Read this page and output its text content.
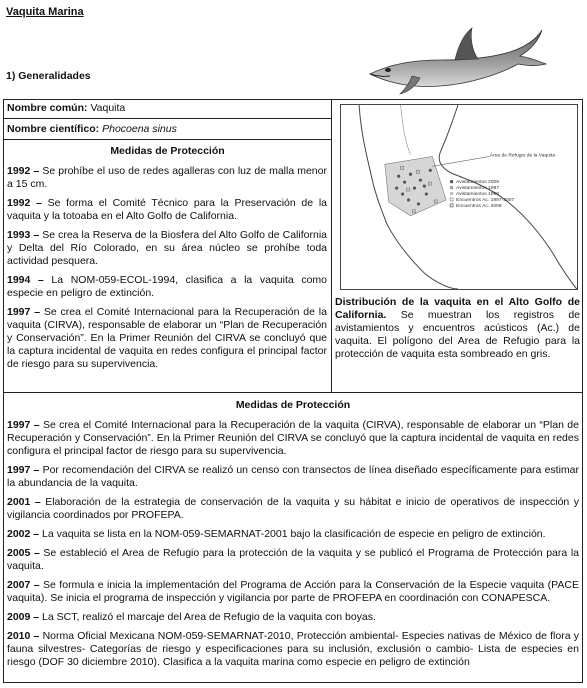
Vaquita Marina
1) Generalidades
Nombre común: Vaquita
Nombre científico: Phocoena sinus
Medidas de Protección

1992 – Se prohíbe el uso de redes agalleras con luz de malla menor a 15 cm.

1992 – Se forma el Comité Técnico para la Preservación de la vaquita y la totoaba en el Alto Golfo de California.

1993 – Se crea la Reserva de la Biosfera del Alto Golfo de California y Delta del Río Colorado, en su área núcleo se prohíbe toda actividad pesquera.

1994 – La NOM-059-ECOL-1994, clasifica a la vaquita como especie en peligro de extinción.

1997 – Se crea el Comité Internacional para la Recuperación de la vaquita (CIRVA), responsable de elaborar un “Plan de Recuperación y Conservación”. En la Primer Reunión del CIRVA se concluyó que la captura incidental de vaquita en redes configura el principal factor de riesgo para su supervivencia.

Área de Refugio de la Vaquita
Avistamientos 2008
Avistamientos 1997
Avistamientos 1999
Encuentros Ac. 1997-2007
Encuentros Ac. 2008
Distribución de la vaquita en el Alto Golfo de California. Se muestran los registros de avistamientos y encuentros acústicos (Ac.) de vaquita. El polígono del Area de Refugio para la protección de vaquita esta sombreado en gris.
Medidas de Protección

1997 – Se crea el Comité Internacional para la Recuperación de la vaquita (CIRVA), responsable de elaborar un “Plan de Recuperación y Conservación”. En la Primer Reunión del CIRVA se concluyó que la captura incidental de vaquita en redes configura el principal factor de riesgo para su supervivencia.

1997 – Por recomendación del CIRVA se realizó un censo con transectos de línea diseñado específicamente para estimar la abundancia de la vaquita.

2001 – Elaboración de la estrategia de conservación de la vaquita y su hábitat e inicio de operativos de inspección y vigilancia coordinados por PROFEPA.

2002 – La vaquita se lista en la NOM-059-SEMARNAT-2001 bajo la clasificación de especie en peligro de extinción.

2005 – Se estableció el Area de Refugio para la protección de la vaquita y se publicó el Programa de Protección para la vaquita.

2007 – Se formula e inicia la implementación del Programa de Acción para la Conservación de la Especie vaquita (PACE vaquita). Se inicia el programa de inspección y vigilancia por parte de PROFEPA en coordinación con CONAPESCA.

2009 – La SCT, realizó el marcaje del Area de Refugio de la vaquita con boyas.

2010 – Norma Oficial Mexicana NOM-059-SEMARNAT-2010, Protección ambiental- Especies nativas de México de flora y fauna silvestres- Categorías de riesgo y especificaciones para su inclusión, exclusión o cambio- Lista de especies en riesgo (DOF 30 diciembre 2010). Clasifica a la vaquita marina como especie en peligro de extinción
